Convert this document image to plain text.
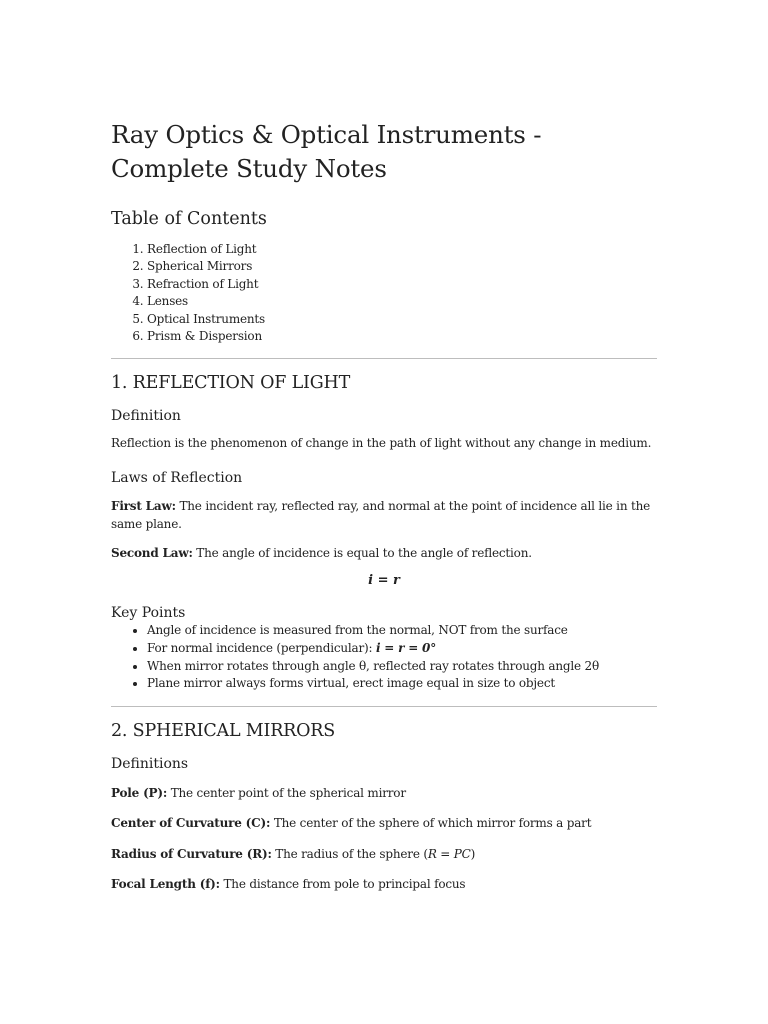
Ray Optics & Optical Instruments -
Complete Study Notes
Table of Contents
1. Reflection of Light
2. Spherical Mirrors
3. Refraction of Light
4. Lenses
5. Optical Instruments
6. Prism & Dispersion
1. REFLECTION OF LIGHT
Definition

Reflection is the phenomenon of change in the path of light without any change in medium.

Laws of Reflection

First Law: The incident ray, reflected ray, and normal at the point of incidence all lie in the same plane.

Second Law: The angle of incidence is equal to the angle of reflection.

i = r
Key Points
• Angle of incidence is measured from the normal, NOT from the surface
• For normal incidence (perpendicular): i = r = 0°
• When mirror rotates through angle θ, reflected ray rotates through angle 2θ
• Plane mirror always forms virtual, erect image equal in size to object
2. SPHERICAL MIRRORS
Definitions

Pole (P): The center point of the spherical mirror

Center of Curvature (C): The center of the sphere of which mirror forms a part

Radius of Curvature (R): The radius of the sphere (R = PC)

Focal Length (f): The distance from pole to principal focus
